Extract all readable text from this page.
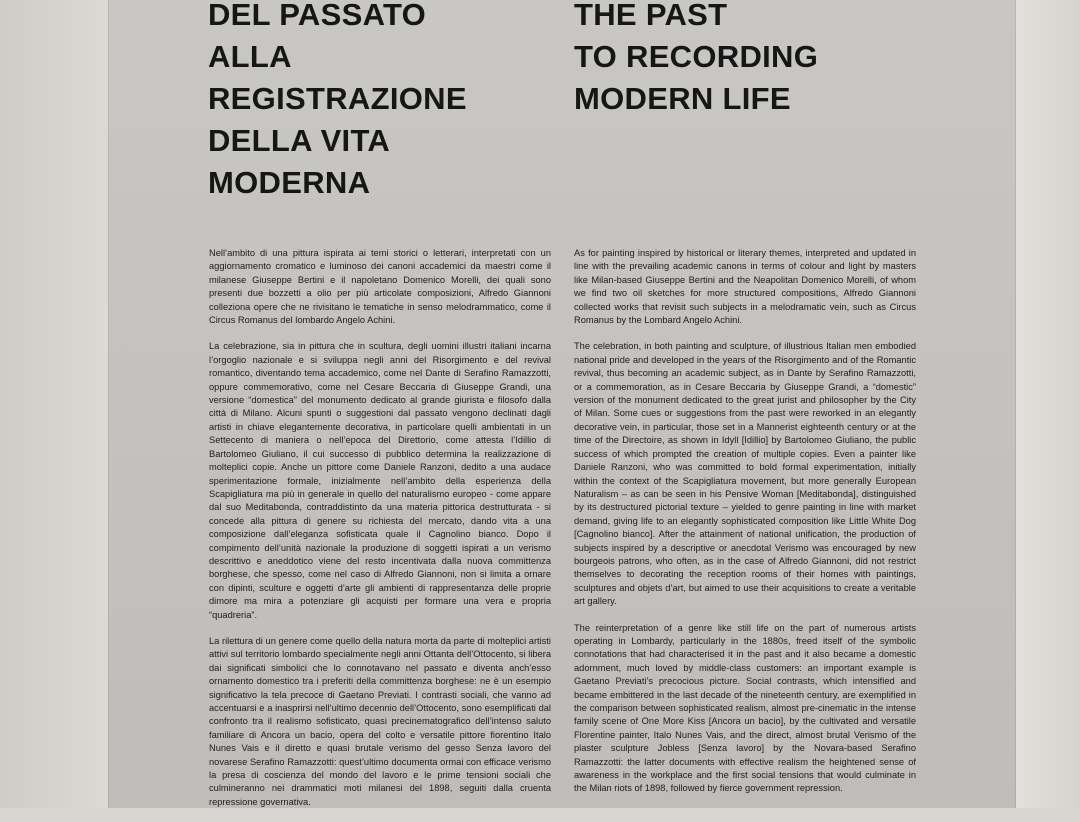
DEL PASSATO
ALLA
REGISTRAZIONE
DELLA VITA
MODERNA
THE PAST
TO RECORDING
MODERN LIFE

Nell’ambito di una pittura ispirata ai temi storici o letterari, interpretati con un aggiornamento cromatico e luminoso dei canoni accademici da maestri come il milanese Giuseppe Bertini e il napoletano Domenico Morelli, dei quali sono presenti due bozzetti a olio per più articolate composizioni, Alfredo Giannoni colleziona opere che ne rivisitano le tematiche in senso melodrammatico, come il Circus Romanus del lombardo Angelo Achini.

La celebrazione, sia in pittura che in scultura, degli uomini illustri italiani incarna l’orgoglio nazionale e si sviluppa negli anni del Risorgimento e del revival romantico, diventando tema accademico, come nel Dante di Serafino Ramazzotti, oppure commemorativo, come nel Cesare Beccaria di Giuseppe Grandi, una versione “domestica” del monumento dedicato al grande giurista e filosofo dalla città di Milano. Alcuni spunti o suggestioni dal passato vengono declinati dagli artisti in chiave elegantemente decorativa, in particolare quelli ambientati in un Settecento di maniera o nell’epoca del Direttorio, come attesta l’Idillio di Bartolomeo Giuliano, il cui successo di pubblico determina la realizzazione di molteplici copie. Anche un pittore come Daniele Ranzoni, dedito a una audace sperimentazione formale, inizialmente nell’ambito della esperienza della Scapigliatura ma più in generale in quello del naturalismo europeo - come appare dal suo Meditabonda, contraddistinto da una materia pittorica destrutturata - si concede alla pittura di genere su richiesta del mercato, dando vita a una composizione dall’eleganza sofisticata quale il Cagnolino bianco. Dopo il compimento dell’unità nazionale la produzione di soggetti ispirati a un verismo descrittivo e aneddotico viene del resto incentivata dalla nuova committenza borghese, che spesso, come nel caso di Alfredo Giannoni, non si limita a ornare con dipinti, sculture e oggetti d’arte gli ambienti di rappresentanza delle proprie dimore ma mira a potenziare gli acquisti per formare una vera e propria “quadreria”.

La rilettura di un genere come quello della natura morta da parte di molteplici artisti attivi sul territorio lombardo specialmente negli anni Ottanta dell’Ottocento, si libera dai significati simbolici che lo connotavano nel passato e diventa anch’esso ornamento domestico tra i preferiti della committenza borghese: ne è un esempio significativo la tela precoce di Gaetano Previati. I contrasti sociali, che vanno ad accentuarsi e a inasprirsi nell’ultimo decennio dell’Ottocento, sono esemplificati dal confronto tra il realismo sofisticato, quasi precinematografico dell’intenso saluto familiare di Ancora un bacio, opera del colto e versatile pittore fiorentino Italo Nunes Vais e il diretto e quasi brutale verismo del gesso Senza lavoro del novarese Serafino Ramazzotti: quest’ultimo documenta ormai con efficace verismo la presa di coscienza del mondo del lavoro e le prime tensioni sociali che culmineranno nei drammatici moti milanesi del 1898, seguiti dalla cruenta repressione governativa.

As for painting inspired by historical or literary themes, interpreted and updated in line with the prevailing academic canons in terms of colour and light by masters like Milan-based Giuseppe Bertini and the Neapolitan Domenico Morelli, of whom we find two oil sketches for more structured compositions, Alfredo Giannoni collected works that revisit such subjects in a melodramatic vein, such as Circus Romanus by the Lombard Angelo Achini.

The celebration, in both painting and sculpture, of illustrious Italian men embodied national pride and developed in the years of the Risorgimento and of the Romantic revival, thus becoming an academic subject, as in Dante by Serafino Ramazzotti, or a commemoration, as in Cesare Beccaria by Giuseppe Grandi, a “domestic” version of the monument dedicated to the great jurist and philosopher by the City of Milan. Some cues or suggestions from the past were reworked in an elegantly decorative vein, in particular, those set in a Mannerist eighteenth century or at the time of the Directoire, as shown in Idyll [Idillio] by Bartolomeo Giuliano, the public success of which prompted the creation of multiple copies. Even a painter like Daniele Ranzoni, who was committed to bold formal experimentation, initially within the context of the Scapigliatura movement, but more generally European Naturalism – as can be seen in his Pensive Woman [Meditabonda], distinguished by its destructured pictorial texture – yielded to genre painting in line with market demand, giving life to an elegantly sophisticated composition like Little White Dog [Cagnolino bianco]. After the attainment of national unification, the production of subjects inspired by a descriptive or anecdotal Verismo was encouraged by new bourgeois patrons, who often, as in the case of Alfredo Giannoni, did not restrict themselves to decorating the reception rooms of their homes with paintings, sculptures and objets d’art, but aimed to use their acquisitions to create a veritable art gallery.

The reinterpretation of a genre like still life on the part of numerous artists operating in Lombardy, particularly in the 1880s, freed itself of the symbolic connotations that had characterised it in the past and it also became a domestic adornment, much loved by middle-class customers: an important example is Gaetano Previati’s precocious picture. Social contrasts, which intensified and became embittered in the last decade of the nineteenth century, are exemplified in the comparison between sophisticated realism, almost pre-cinematic in the intense family scene of One More Kiss [Ancora un bacio], by the cultivated and versatile Florentine painter, Italo Nunes Vais, and the direct, almost brutal Verismo of the plaster sculpture Jobless [Senza lavoro] by the Novara-based Serafino Ramazzotti: the latter documents with effective realism the heightened sense of awareness in the workplace and the first social tensions that would culminate in the Milan riots of 1898, followed by fierce government repression.
